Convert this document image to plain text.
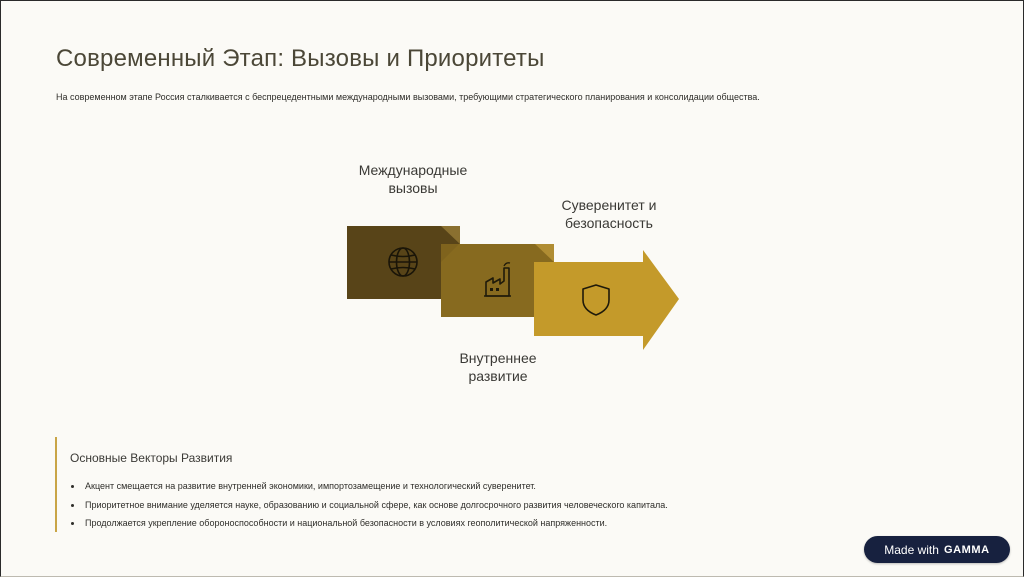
Современный Этап: Вызовы и Приоритеты
На современном этапе Россия сталкивается с беспрецедентными международными вызовами, требующими стратегического планирования и консолидации общества.
Международные
вызовы
Суверенитет и
безопасность
Внутреннее
развитие
Основные Векторы Развития
Акцент смещается на развитие внутренней экономики, импортозамещение и технологический суверенитет.
Приоритетное внимание уделяется науке, образованию и социальной сфере, как основе долгосрочного развития человеческого капитала.
Продолжается укрепление обороноспособности и национальной безопасности в условиях геополитической напряженности.
Made with GAMMA
